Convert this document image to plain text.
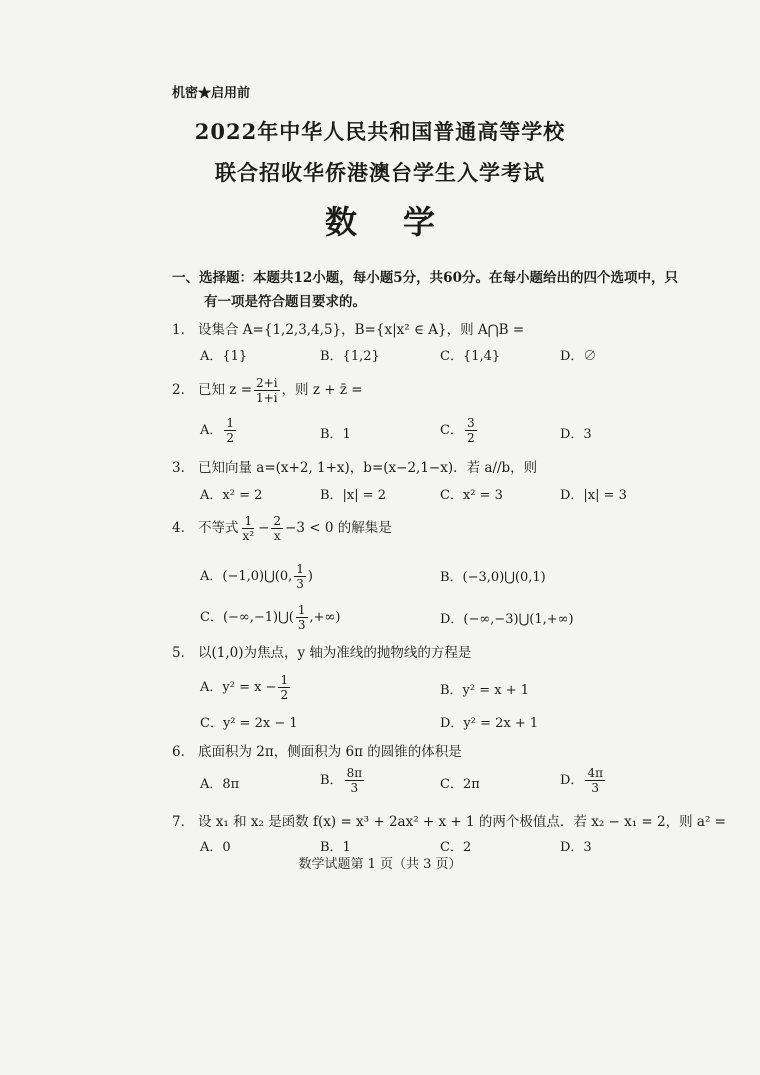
机密★启用前
2022年中华人民共和国普通高等学校
联合招收华侨港澳台学生入学考试
数学
一、选择题：本题共12小题，每小题5分，共60分。在每小题给出的四个选项中，只
有一项是符合题目要求的。
1． 设集合 A={1,2,3,4,5}，B={x|x² ∈ A}，则 A⋂B =
A．{1}	B．{1,2}	C．{1,4}	D．∅
2． 已知 $z = \frac{2+i}{1+i}$ ，则 z + z̄ =
A． $\frac{1}{2}$	B．1	C． $\frac{3}{2}$	D．3
3． 已知向量 a=(x+2, 1+x)，b=(x−2,1−x)．若 a//b，则
A．x² = 2	B．|x| = 2	C．x² = 3	D．|x| = 3
4． 不等式 $\frac{1}{\text{x²}} - \frac{2}{x} -3 < 0$ 的解集是
A．(−1,0)⋃(0, $\frac{1}{3}$ )	B．(−3,0)⋃(0,1)
C．(−∞,−1)⋃( $\frac{1}{3}$ ,+∞)	D．(−∞,−3)⋃(1,+∞)
5． 以(1,0)为焦点，y 轴为准线的抛物线的方程是
A．$y^2 = x - \frac{1}{2}$	B．y² = x + 1
C．y² = 2x − 1	D．y² = 2x + 1
6． 底面积为 2π，侧面积为 6π 的圆锥的体积是
A．8π	B． $\frac{8\pi}{3}$	C．2π	D． $\frac{4\pi}{3}$
7． 设 x₁ 和 x₂ 是函数 f(x) = x³ + 2ax² + x + 1 的两个极值点．若 x₂ − x₁ = 2，则 a² =
A．0	B．1	C．2	D．3
数学试题第 1 页（共 3 页）
